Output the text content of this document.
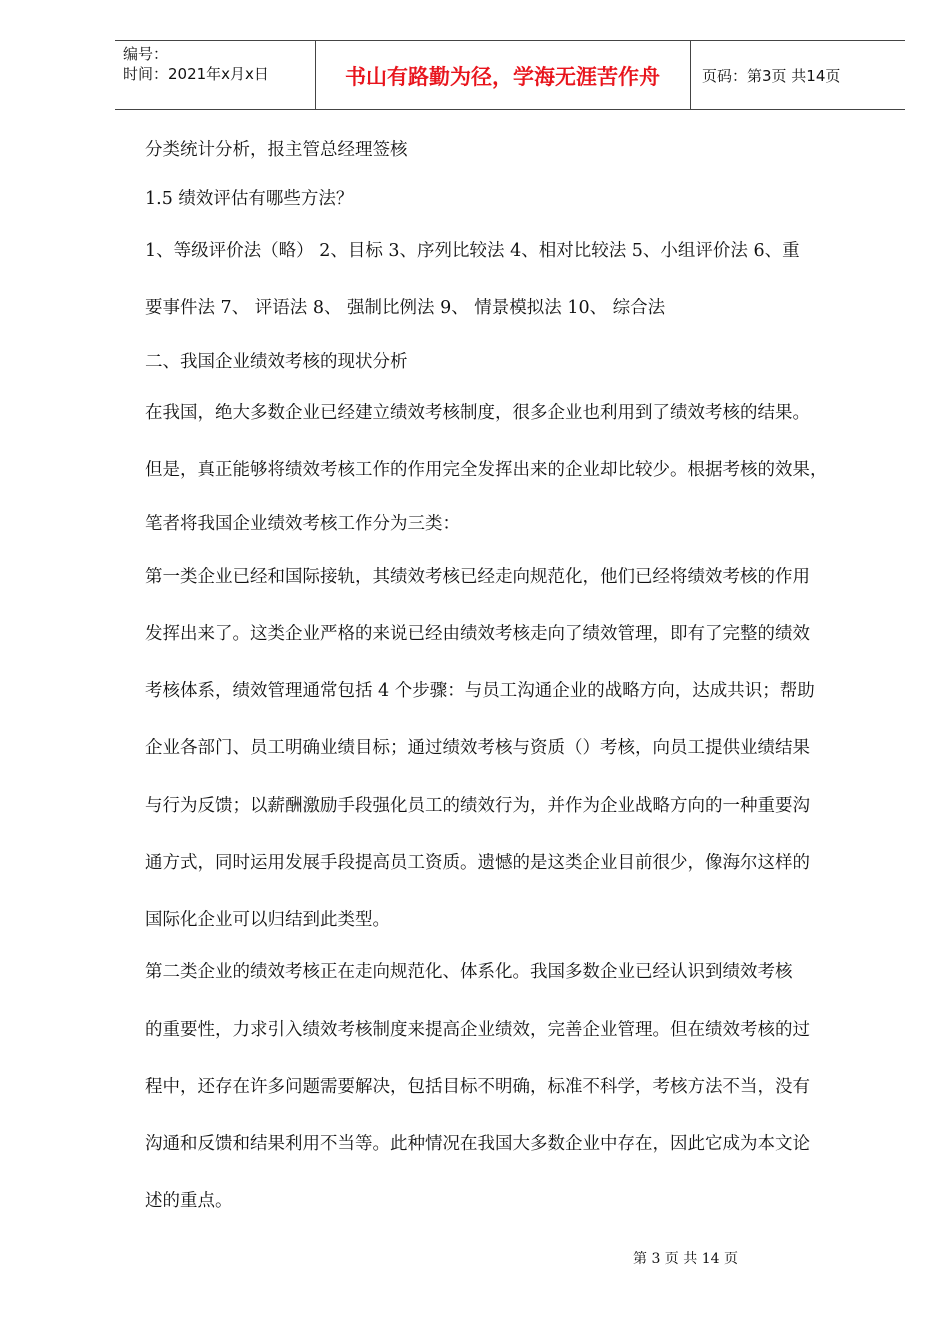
编号：
时间：2021年x月x日	书山有路勤为径，学海无涯苦作舟	页码：第3页 共14页
分类统计分析，报主管总经理签核
1.5 绩效评估有哪些方法？
1、等级评价法（略） 2、目标 3、序列比较法 4、相对比较法 5、小组评价法 6、重
要事件法 7、 评语法 8、 强制比例法 9、 情景模拟法 10、 综合法
二、我国企业绩效考核的现状分析
在我国，绝大多数企业已经建立绩效考核制度，很多企业也利用到了绩效考核的结果。
但是，真正能够将绩效考核工作的作用完全发挥出来的企业却比较少。根据考核的效果，
笔者将我国企业绩效考核工作分为三类：
第一类企业已经和国际接轨，其绩效考核已经走向规范化，他们已经将绩效考核的作用
发挥出来了。这类企业严格的来说已经由绩效考核走向了绩效管理，即有了完整的绩效
考核体系，绩效管理通常包括 4 个步骤：与员工沟通企业的战略方向，达成共识；帮助
企业各部门、员工明确业绩目标；通过绩效考核与资质（）考核，向员工提供业绩结果
与行为反馈；以薪酬激励手段强化员工的绩效行为，并作为企业战略方向的一种重要沟
通方式，同时运用发展手段提高员工资质。遗憾的是这类企业目前很少，像海尔这样的
国际化企业可以归结到此类型。
第二类企业的绩效考核正在走向规范化、体系化。我国多数企业已经认识到绩效考核
的重要性，力求引入绩效考核制度来提高企业绩效，完善企业管理。但在绩效考核的过
程中，还存在许多问题需要解决，包括目标不明确，标准不科学，考核方法不当，没有
沟通和反馈和结果利用不当等。此种情况在我国大多数企业中存在，因此它成为本文论
述的重点。
第 3 页 共 14 页
